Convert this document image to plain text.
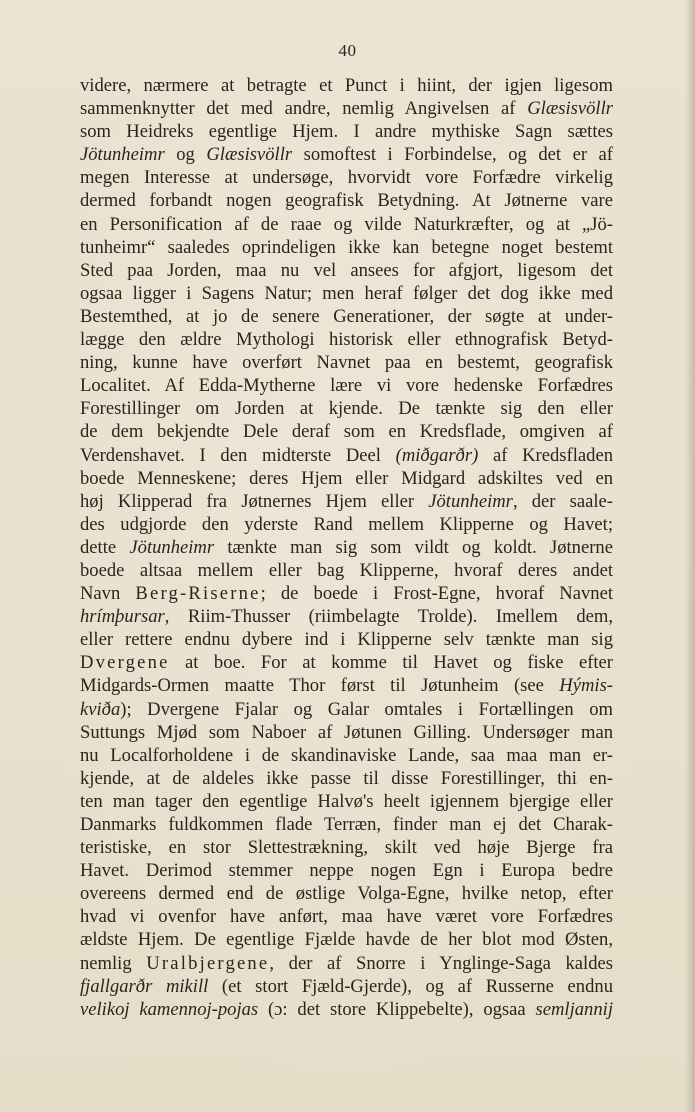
40
videre, nærmere at betragte et Punct i hiint, der igjen ligesom
sammenknytter det med andre, nemlig Angivelsen af Glæsisvöllr
som Heidreks egentlige Hjem. I andre mythiske Sagn sættes
Jötunheimr og Glæsisvöllr somoftest i Forbindelse, og det er af
megen Interesse at undersøge, hvorvidt vore Forfædre virkelig
dermed forbandt nogen geografisk Betydning. At Jøtnerne vare
en Personification af de raae og vilde Naturkræfter, og at „Jö-
tunheimr“ saaledes oprindeligen ikke kan betegne noget bestemt
Sted paa Jorden, maa nu vel ansees for afgjort, ligesom det
ogsaa ligger i Sagens Natur; men heraf følger det dog ikke med
Bestemthed, at jo de senere Generationer, der søgte at under-
lægge den ældre Mythologi historisk eller ethnografisk Betyd-
ning, kunne have overført Navnet paa en bestemt, geografisk
Localitet. Af Edda-Mytherne lære vi vore hedenske Forfædres
Forestillinger om Jorden at kjende. De tænkte sig den eller
de dem bekjendte Dele deraf som en Kredsflade, omgiven af
Verdenshavet. I den midterste Deel (miðgarðr) af Kredsfladen
boede Menneskene; deres Hjem eller Midgard adskiltes ved en
høj Klipperad fra Jøtnernes Hjem eller Jötunheimr, der saale-
des udgjorde den yderste Rand mellem Klipperne og Havet;
dette Jötunheimr tænkte man sig som vildt og koldt. Jøtnerne
boede altsaa mellem eller bag Klipperne, hvoraf deres andet
Navn Berg-Riserne; de boede i Frost-Egne, hvoraf Navnet
hrímþursar, Riim-Thusser (riimbelagte Trolde). Imellem dem,
eller rettere endnu dybere ind i Klipperne selv tænkte man sig
Dvergene at boe. For at komme til Havet og fiske efter
Midgards-Ormen maatte Thor først til Jøtunheim (see Hýmis-
kviða); Dvergene Fjalar og Galar omtales i Fortællingen om
Suttungs Mjød som Naboer af Jøtunen Gilling. Undersøger man
nu Localforholdene i de skandinaviske Lande, saa maa man er-
kjende, at de aldeles ikke passe til disse Forestillinger, thi en-
ten man tager den egentlige Halvø's heelt igjennem bjergige eller
Danmarks fuldkommen flade Terræn, finder man ej det Charak-
teristiske, en stor Slettestrækning, skilt ved høje Bjerge fra
Havet. Derimod stemmer neppe nogen Egn i Europa bedre
overeens dermed end de østlige Volga-Egne, hvilke netop, efter
hvad vi ovenfor have anført, maa have været vore Forfædres
ældste Hjem. De egentlige Fjælde havde de her blot mod Østen,
nemlig Uralbjergene, der af Snorre i Ynglinge-Saga kaldes
fjallgarðr mikill (et stort Fjæld-Gjerde), og af Russerne endnu
velikoj kamennoj-pojas (ɔ: det store Klippebelte), ogsaa semljannij
